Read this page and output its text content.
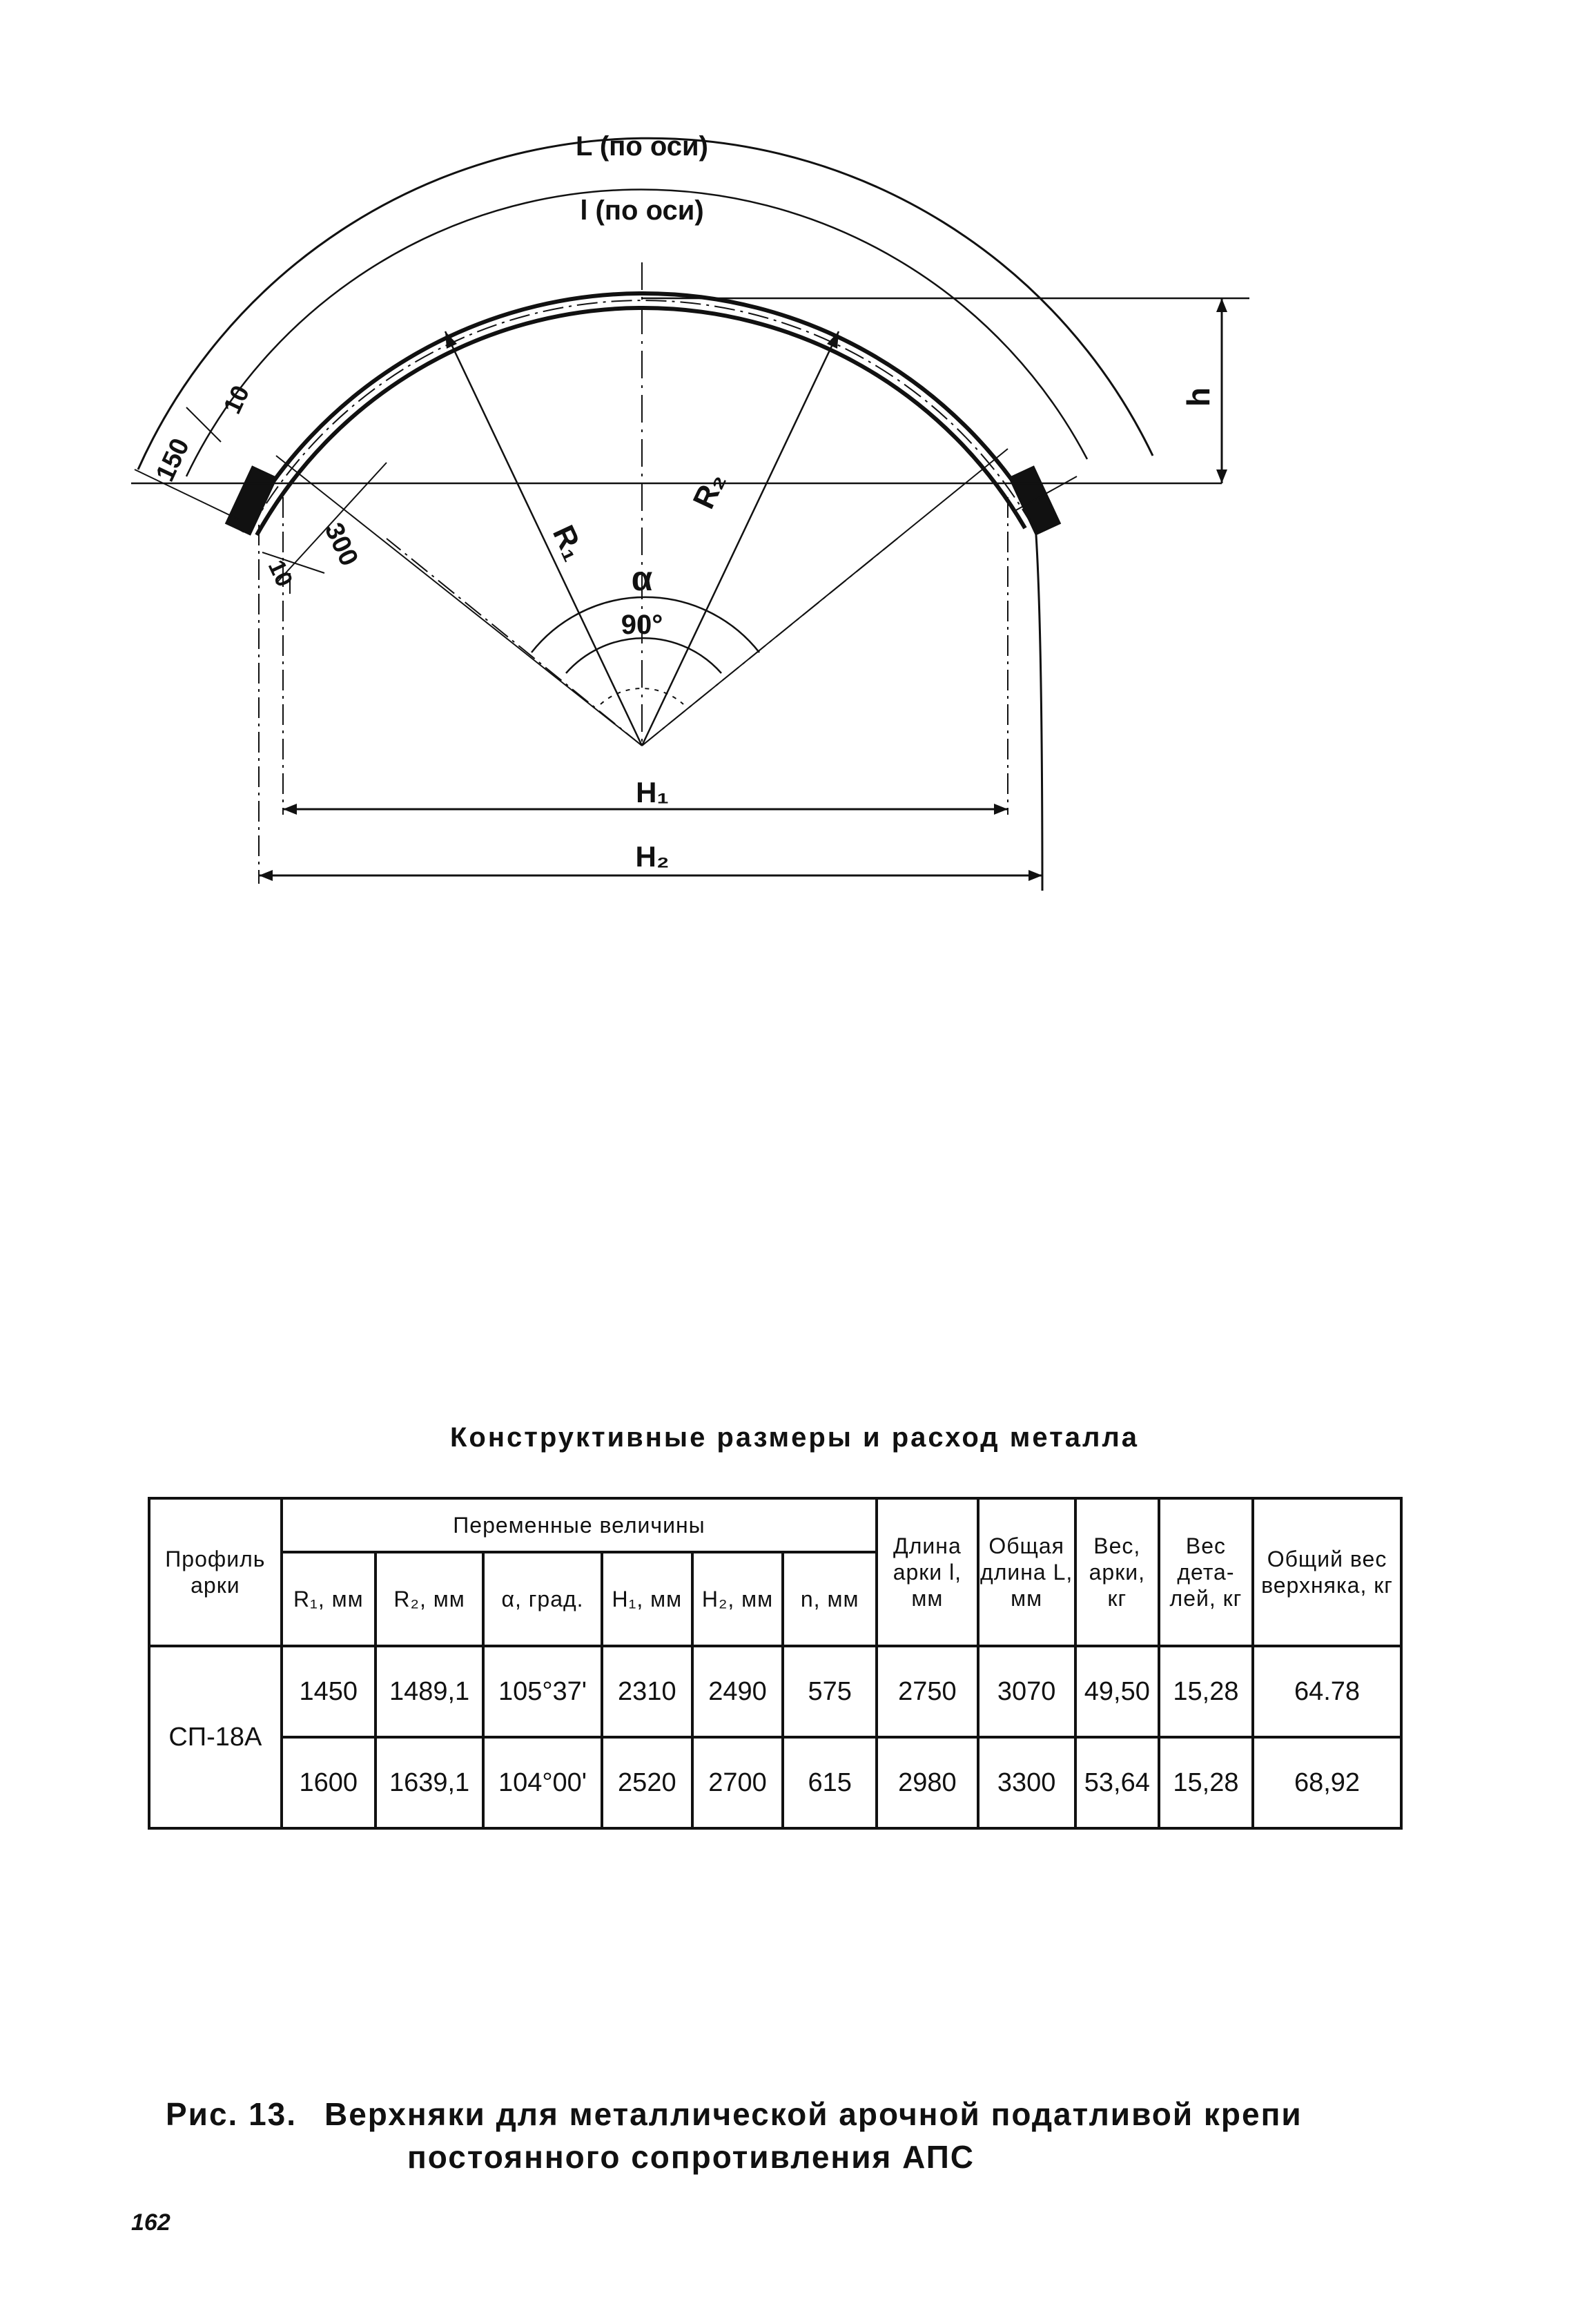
L (по оси)
l (по оси)
h
R₁
R₂
α
90°
H₁
H₂
150
10
300
10
Конструктивные размеры и расход металла
Профиль арки	Переменные величины						Длина арки l, мм	Общая длина L, мм	Вес, арки, кг	Вес дета- лей, кг	Общий вес верхняка, кг
	R₁, мм	R₂, мм	α, град.	H₁, мм	H₂, мм	n, мм					
СП-18А	1450	1489,1	105°37'	2310	2490	575	2750	3070	49,50	15,28	64.78
	1600	1639,1	104°00'	2520	2700	615	2980	3300	53,64	15,28	68,92
Рис. 13. Верхняки для металлической арочной податливой крепи
постоянного сопротивления АПС
162
